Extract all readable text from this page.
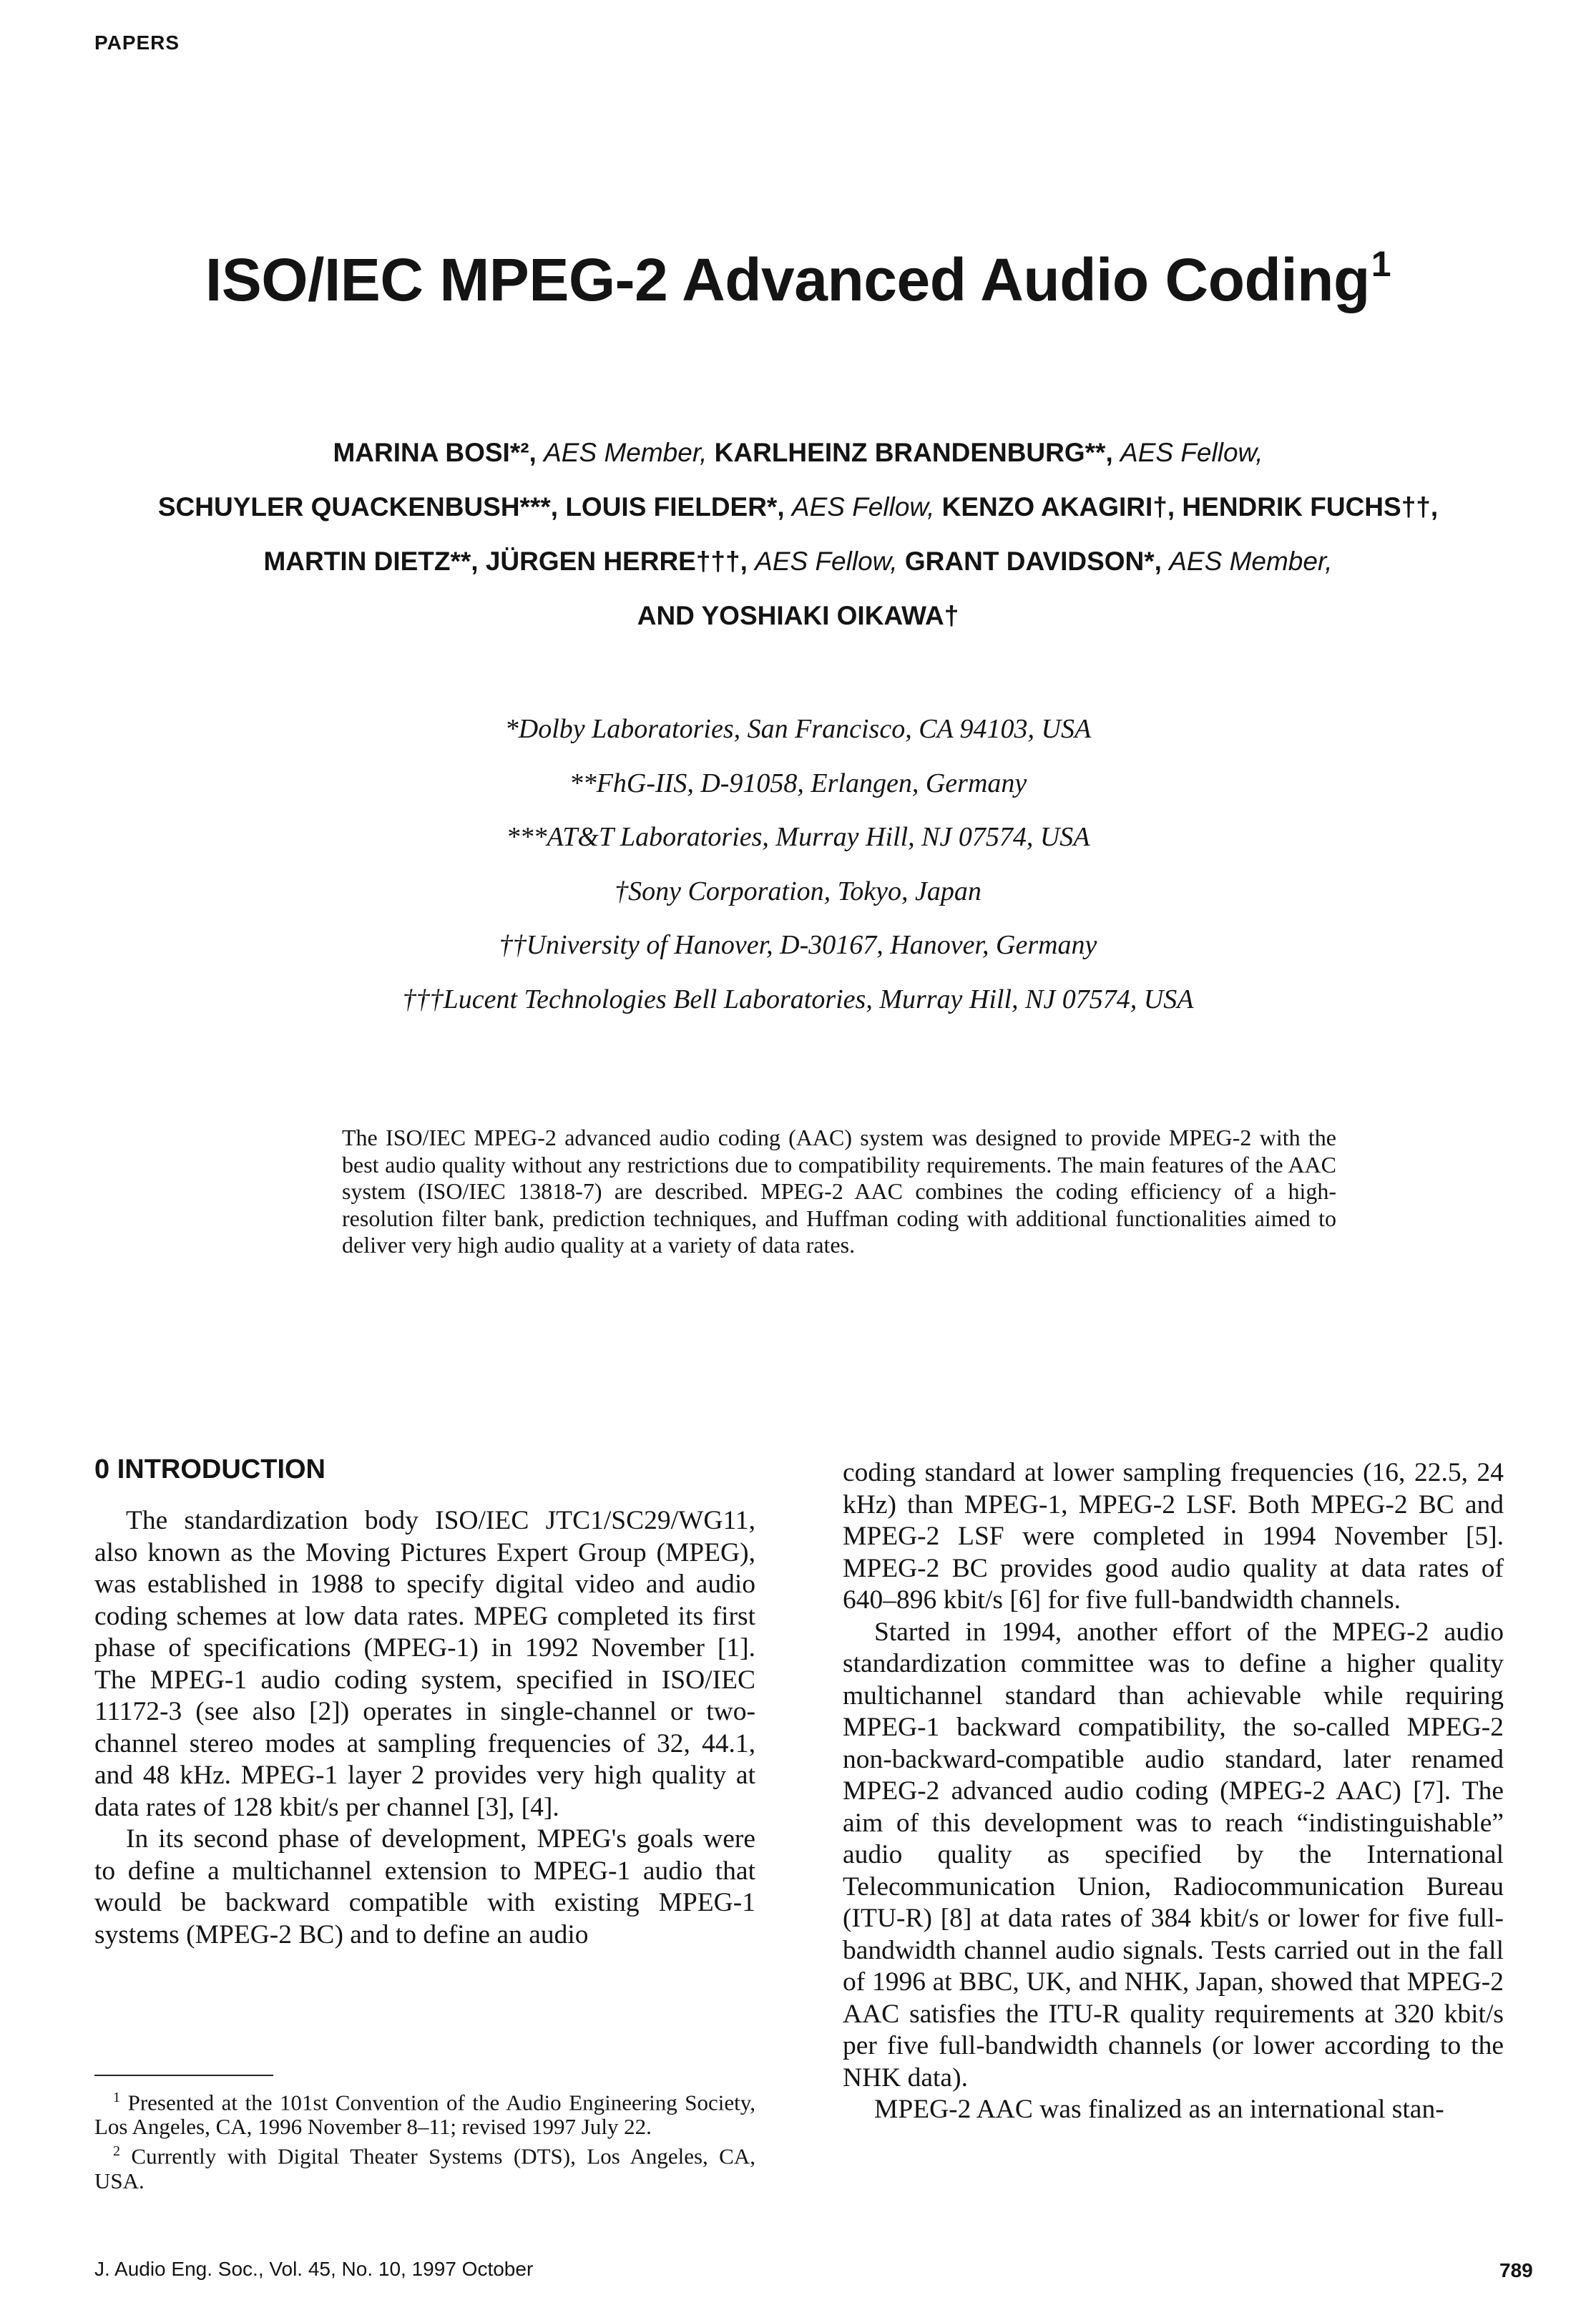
PAPERS
ISO/IEC MPEG-2 Advanced Audio Coding$^1$
MARINA BOSI*², AES Member, KARLHEINZ BRANDENBURG**, AES Fellow,
SCHUYLER QUACKENBUSH***, LOUIS FIELDER*, AES Fellow, KENZO AKAGIRI†, HENDRIK FUCHS††,
MARTIN DIETZ**, JÜRGEN HERRE†††, AES Fellow, GRANT DAVIDSON*, AES Member,
AND YOSHIAKI OIKAWA†
*Dolby Laboratories, San Francisco, CA 94103, USA
**FhG-IIS, D-91058, Erlangen, Germany
***AT&T Laboratories, Murray Hill, NJ 07574, USA
†Sony Corporation, Tokyo, Japan
††University of Hanover, D-30167, Hanover, Germany
†††Lucent Technologies Bell Laboratories, Murray Hill, NJ 07574, USA
The ISO/IEC MPEG-2 advanced audio coding (AAC) system was designed to provide MPEG-2 with the best audio quality without any restrictions due to compatibility requirements. The main features of the AAC system (ISO/IEC 13818-7) are described. MPEG-2 AAC combines the coding efficiency of a high-resolution filter bank, prediction techniques, and Huffman coding with additional functionalities aimed to deliver very high audio quality at a variety of data rates.
0 INTRODUCTION

The standardization body ISO/IEC JTC1/SC29/WG11, also known as the Moving Pictures Expert Group (MPEG), was established in 1988 to specify digital video and audio coding schemes at low data rates. MPEG completed its first phase of specifications (MPEG-1) in 1992 November [1]. The MPEG-1 audio coding system, specified in ISO/IEC 11172-3 (see also [2]) operates in single-channel or two-channel stereo modes at sampling frequencies of 32, 44.1, and 48 kHz. MPEG-1 layer 2 provides very high quality at data rates of 128 kbit/s per channel [3], [4].

In its second phase of development, MPEG's goals were to define a multichannel extension to MPEG-1 audio that would be backward compatible with existing MPEG-1 systems (MPEG-2 BC) and to define an audio

coding standard at lower sampling frequencies (16, 22.5, 24 kHz) than MPEG-1, MPEG-2 LSF. Both MPEG-2 BC and MPEG-2 LSF were completed in 1994 November [5]. MPEG-2 BC provides good audio quality at data rates of 640–896 kbit/s [6] for five full-bandwidth channels.

Started in 1994, another effort of the MPEG-2 audio standardization committee was to define a higher quality multichannel standard than achievable while requiring MPEG-1 backward compatibility, the so-called MPEG-2 non-backward-compatible audio standard, later renamed MPEG-2 advanced audio coding (MPEG-2 AAC) [7]. The aim of this development was to reach “indistinguishable” audio quality as specified by the International Telecommunication Union, Radiocommunication Bureau (ITU-R) [8] at data rates of 384 kbit/s or lower for five full-bandwidth channel audio signals. Tests carried out in the fall of 1996 at BBC, UK, and NHK, Japan, showed that MPEG-2 AAC satisfies the ITU-R quality requirements at 320 kbit/s per five full-bandwidth channels (or lower according to the NHK data).

MPEG-2 AAC was finalized as an international stan-

$^1$ Presented at the 101st Convention of the Audio Engineering Society, Los Angeles, CA, 1996 November 8–11; revised 1997 July 22.

$^2$ Currently with Digital Theater Systems (DTS), Los Angeles, CA, USA.

J. Audio Eng. Soc., Vol. 45, No. 10, 1997 October	789
